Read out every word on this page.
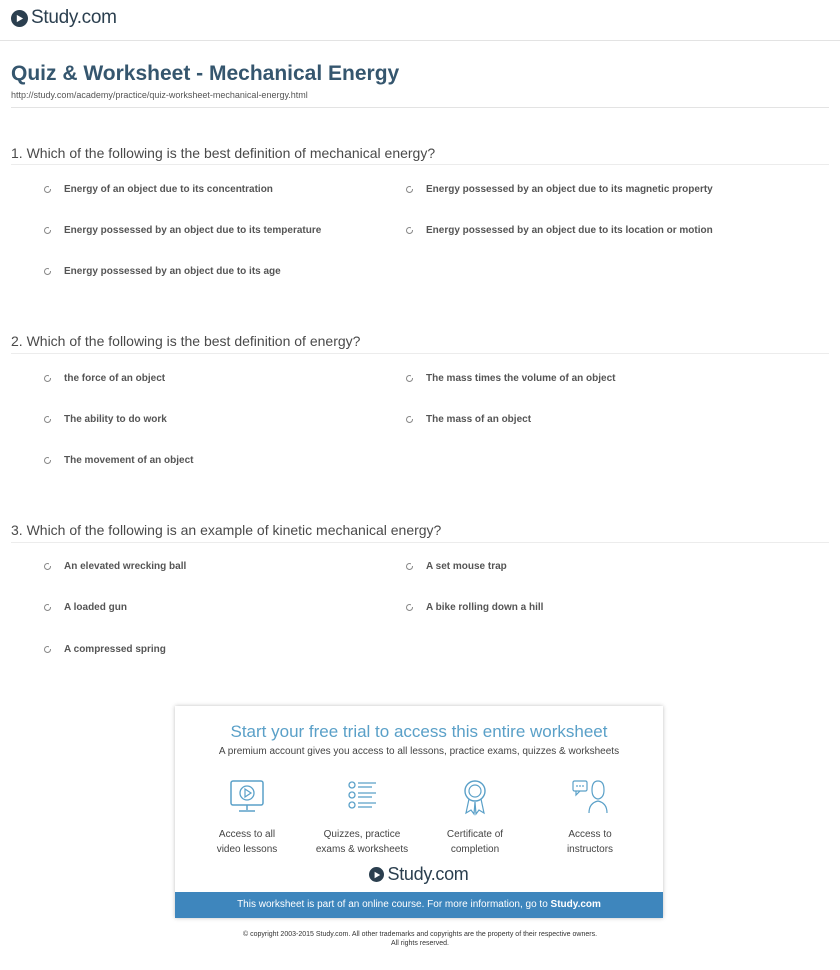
Study.com
Quiz & Worksheet - Mechanical Energy
http://study.com/academy/practice/quiz-worksheet-mechanical-energy.html
1. Which of the following is the best definition of mechanical energy?
Energy of an object due to its concentration	Energy possessed by an object due to its magnetic property
Energy possessed by an object due to its temperature	Energy possessed by an object due to its location or motion
Energy possessed by an object due to its age
2. Which of the following is the best definition of energy?
the force of an object	The mass times the volume of an object
The ability to do work	The mass of an object
The movement of an object
3. Which of the following is an example of kinetic mechanical energy?
An elevated wrecking ball	A set mouse trap
A loaded gun	A bike rolling down a hill
A compressed spring
Start your free trial to access this entire worksheet
A premium account gives you access to all lessons, practice exams, quizzes & worksheets
Access to all
video lessons
Quizzes, practice
exams & worksheets
Certificate of
completion
Access to
instructors
Study.com
This worksheet is part of an online course. For more information, go to Study.com
© copyright 2003-2015 Study.com. All other trademarks and copyrights are the property of their respective owners.
All rights reserved.
